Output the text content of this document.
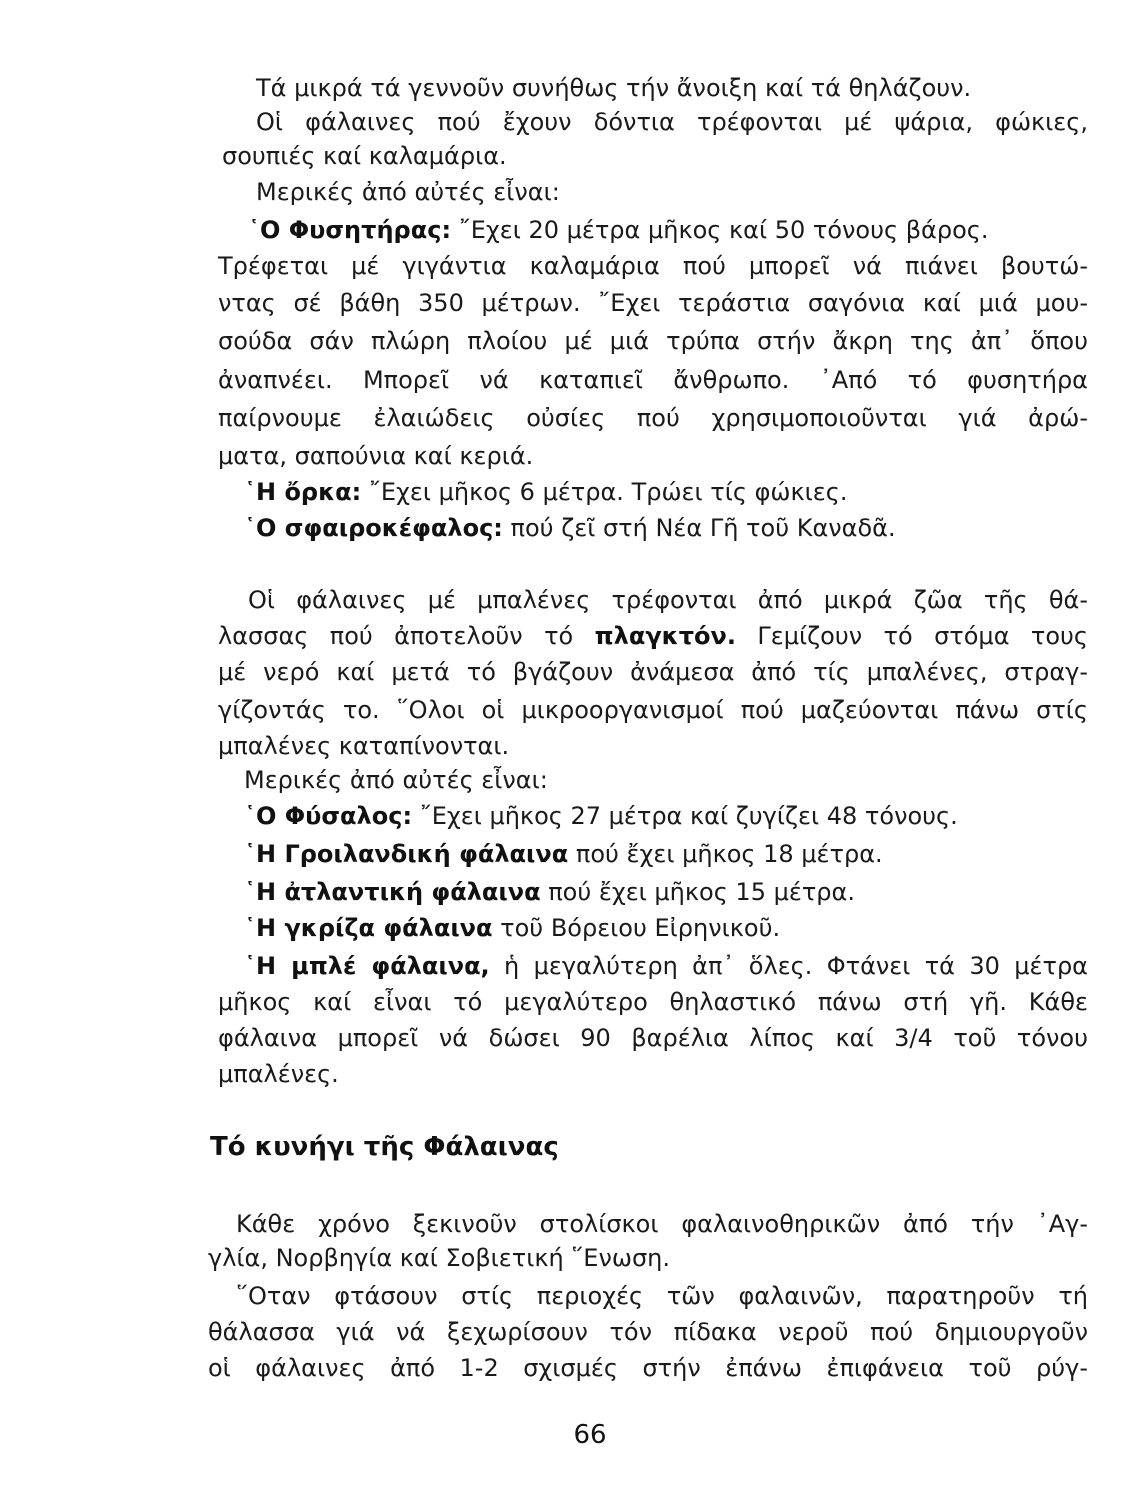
Τά μικρά τά γεννοῦν συνήθως τήν ἄνοιξη καί τά θηλάζουν.
Οἱ φάλαινες πού ἔχουν δόντια τρέφονται μέ ψάρια, φώκιες,
σουπιές καί καλαμάρια.
Μερικές ἀπό αὐτές εἶναι:
῾Ο Φυσητήρας: ῎Εχει 20 μέτρα μῆκος καί 50 τόνους βάρος.
Τρέφεται μέ γιγάντια καλαμάρια πού μπορεῖ νά πιάνει βουτώ-
ντας σέ βάθη 350 μέτρων. ῎Εχει τεράστια σαγόνια καί μιά μου-
σούδα σάν πλώρη πλοίου μέ μιά τρύπα στήν ἄκρη της ἀπ᾽ ὅπου
ἀναπνέει. Μπορεῖ νά καταπιεῖ ἄνθρωπο. ᾽Από τό φυσητήρα
παίρνουμε ἐλαιώδεις οὐσίες πού χρησιμοποιοῦνται γιά ἀρώ-
ματα, σαπούνια καί κεριά.
῾Η ὄρκα: ῎Εχει μῆκος 6 μέτρα. Τρώει τίς φώκιες.
῾Ο σφαιροκέφαλος: πού ζεῖ στή Νέα Γῆ τοῦ Καναδᾶ.
Οἱ φάλαινες μέ μπαλένες τρέφονται ἀπό μικρά ζῶα τῆς θά-
λασσας πού ἀποτελοῦν τό πλαγκτόν. Γεμίζουν τό στόμα τους
μέ νερό καί μετά τό βγάζουν ἀνάμεσα ἀπό τίς μπαλένες, στραγ-
γίζοντάς το. ῞Ολοι οἱ μικροοργανισμοί πού μαζεύονται πάνω στίς
μπαλένες καταπίνονται.
Μερικές ἀπό αὐτές εἶναι:
῾Ο Φύσαλος: ῎Εχει μῆκος 27 μέτρα καί ζυγίζει 48 τόνους.
῾Η Γροιλανδική φάλαινα πού ἔχει μῆκος 18 μέτρα.
῾Η ἀτλαντική φάλαινα πού ἔχει μῆκος 15 μέτρα.
῾Η γκρίζα φάλαινα τοῦ Βόρειου Εἰρηνικοῦ.
῾Η μπλέ φάλαινα, ἡ μεγαλύτερη ἀπ᾽ ὅλες. Φτάνει τά 30 μέτρα
μῆκος καί εἶναι τό μεγαλύτερο θηλαστικό πάνω στή γῆ. Κάθε
φάλαινα μπορεῖ νά δώσει 90 βαρέλια λίπος καί 3/4 τοῦ τόνου
μπαλένες.
Τό κυνήγι τῆς Φάλαινας
Κάθε χρόνο ξεκινοῦν στολίσκοι φαλαινοθηρικῶν ἀπό τήν ᾽Αγ-
γλία, Νορβηγία καί Σοβιετική ῞Ενωση.
῞Οταν φτάσουν στίς περιοχές τῶν φαλαινῶν, παρατηροῦν τή
θάλασσα γιά νά ξεχωρίσουν τόν πίδακα νεροῦ πού δημιουργοῦν
οἱ φάλαινες ἀπό 1-2 σχισμές στήν ἐπάνω ἐπιφάνεια τοῦ ρύγ-
66
